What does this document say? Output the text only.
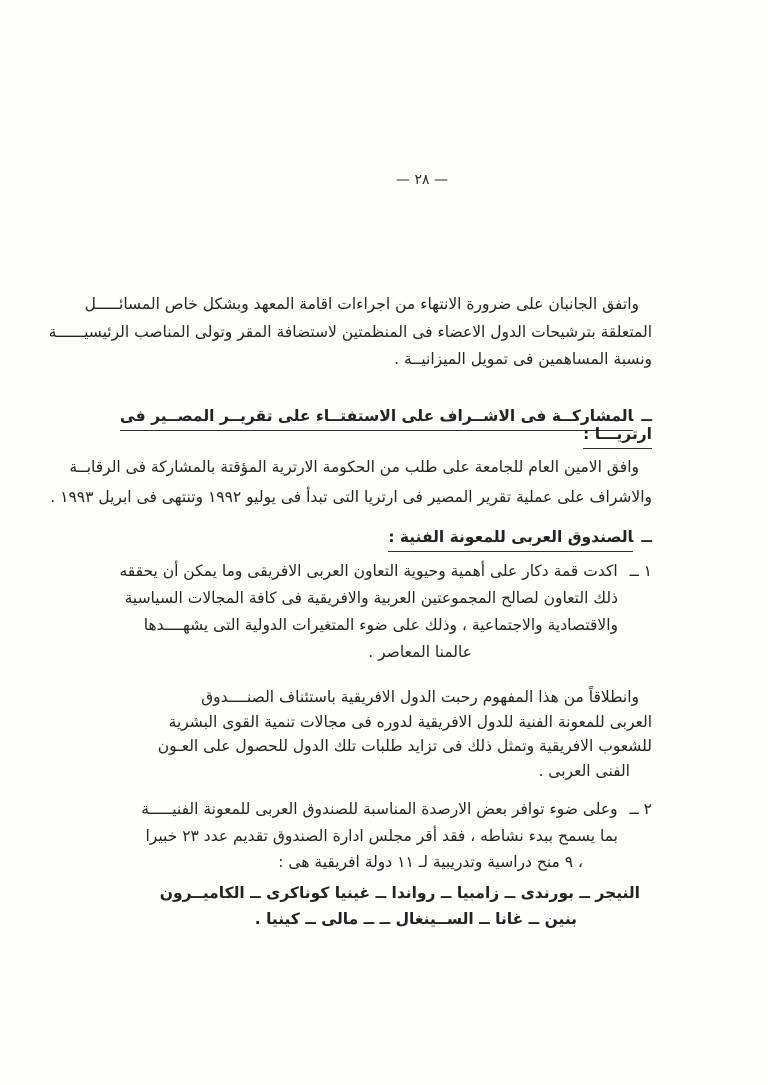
— ٢٨ —
واتفق الجانبان على ضرورة الانتهاء من اجراءات اقامة المعهد وبشكل خاص المسائـــــل
المتعلقة بترشيحات الدول الاعضاء فى المنظمتين لاستضافة المقر وتولى المناصب الرئيسيــــــة
ونسبة المساهمين فى تمويل الميزانيــة .
ــالمشاركــة فى الاشــراف على الاستفتــاء على تقريــر المصــير فى ارتريـــا :
وافق الامين العام للجامعة على طلب من الحكومة الارترية المؤقتة بالمشاركة فى الرقابــة
والاشراف على عملية تقرير المصير فى ارتريا التى تبدأ فى يوليو ١٩٩٢ وتنتهى فى ابريل ١٩٩٣ .
ــالصندوق العربى للمعونة الفنية :
١ ــاكدت قمة دكار على أهمية وحيوية التعاون العربى الافريقى وما يمكن أن يحققه
ذلك التعاون لصالح المجموعتين العربية والافريقية فى كافة المجالات السياسية
والاقتصادية والاجتماعية ، وذلك على ضوء المتغيرات الدولية التى يشهــــدها
عالمنا المعاصر .
وانطلاقاً من هذا المفهوم رحبت الدول الافريقية باستئناف الصنــــدوق
العربى للمعونة الفنية للدول الافريقية لدوره فى مجالات تنمية القوى البشرية
للشعوب الافريقية وتمثل ذلك فى تزايد طلبات تلك الدول للحصول على العـون
الفنى العربى .
٢ ــوعلى ضوء توافر بعض الارصدة المناسبة للصندوق العربى للمعونة الفنيـــــة
بما يسمح ببدء نشاطه ، فقد أقر مجلس ادارة الصندوق تقديم عدد ٢٣ خبيرا
، ٩ منح دراسية وتدريبية لـ ١١ دولة افريقية هى :
النيجر ــ بورندى ــ زامبيا ــ رواندا ــ غينيا كوناكرى ــ الكاميــرون
بنين ــ غانا ــ الســينغال ــ ــ مالى ــ كينيا .
